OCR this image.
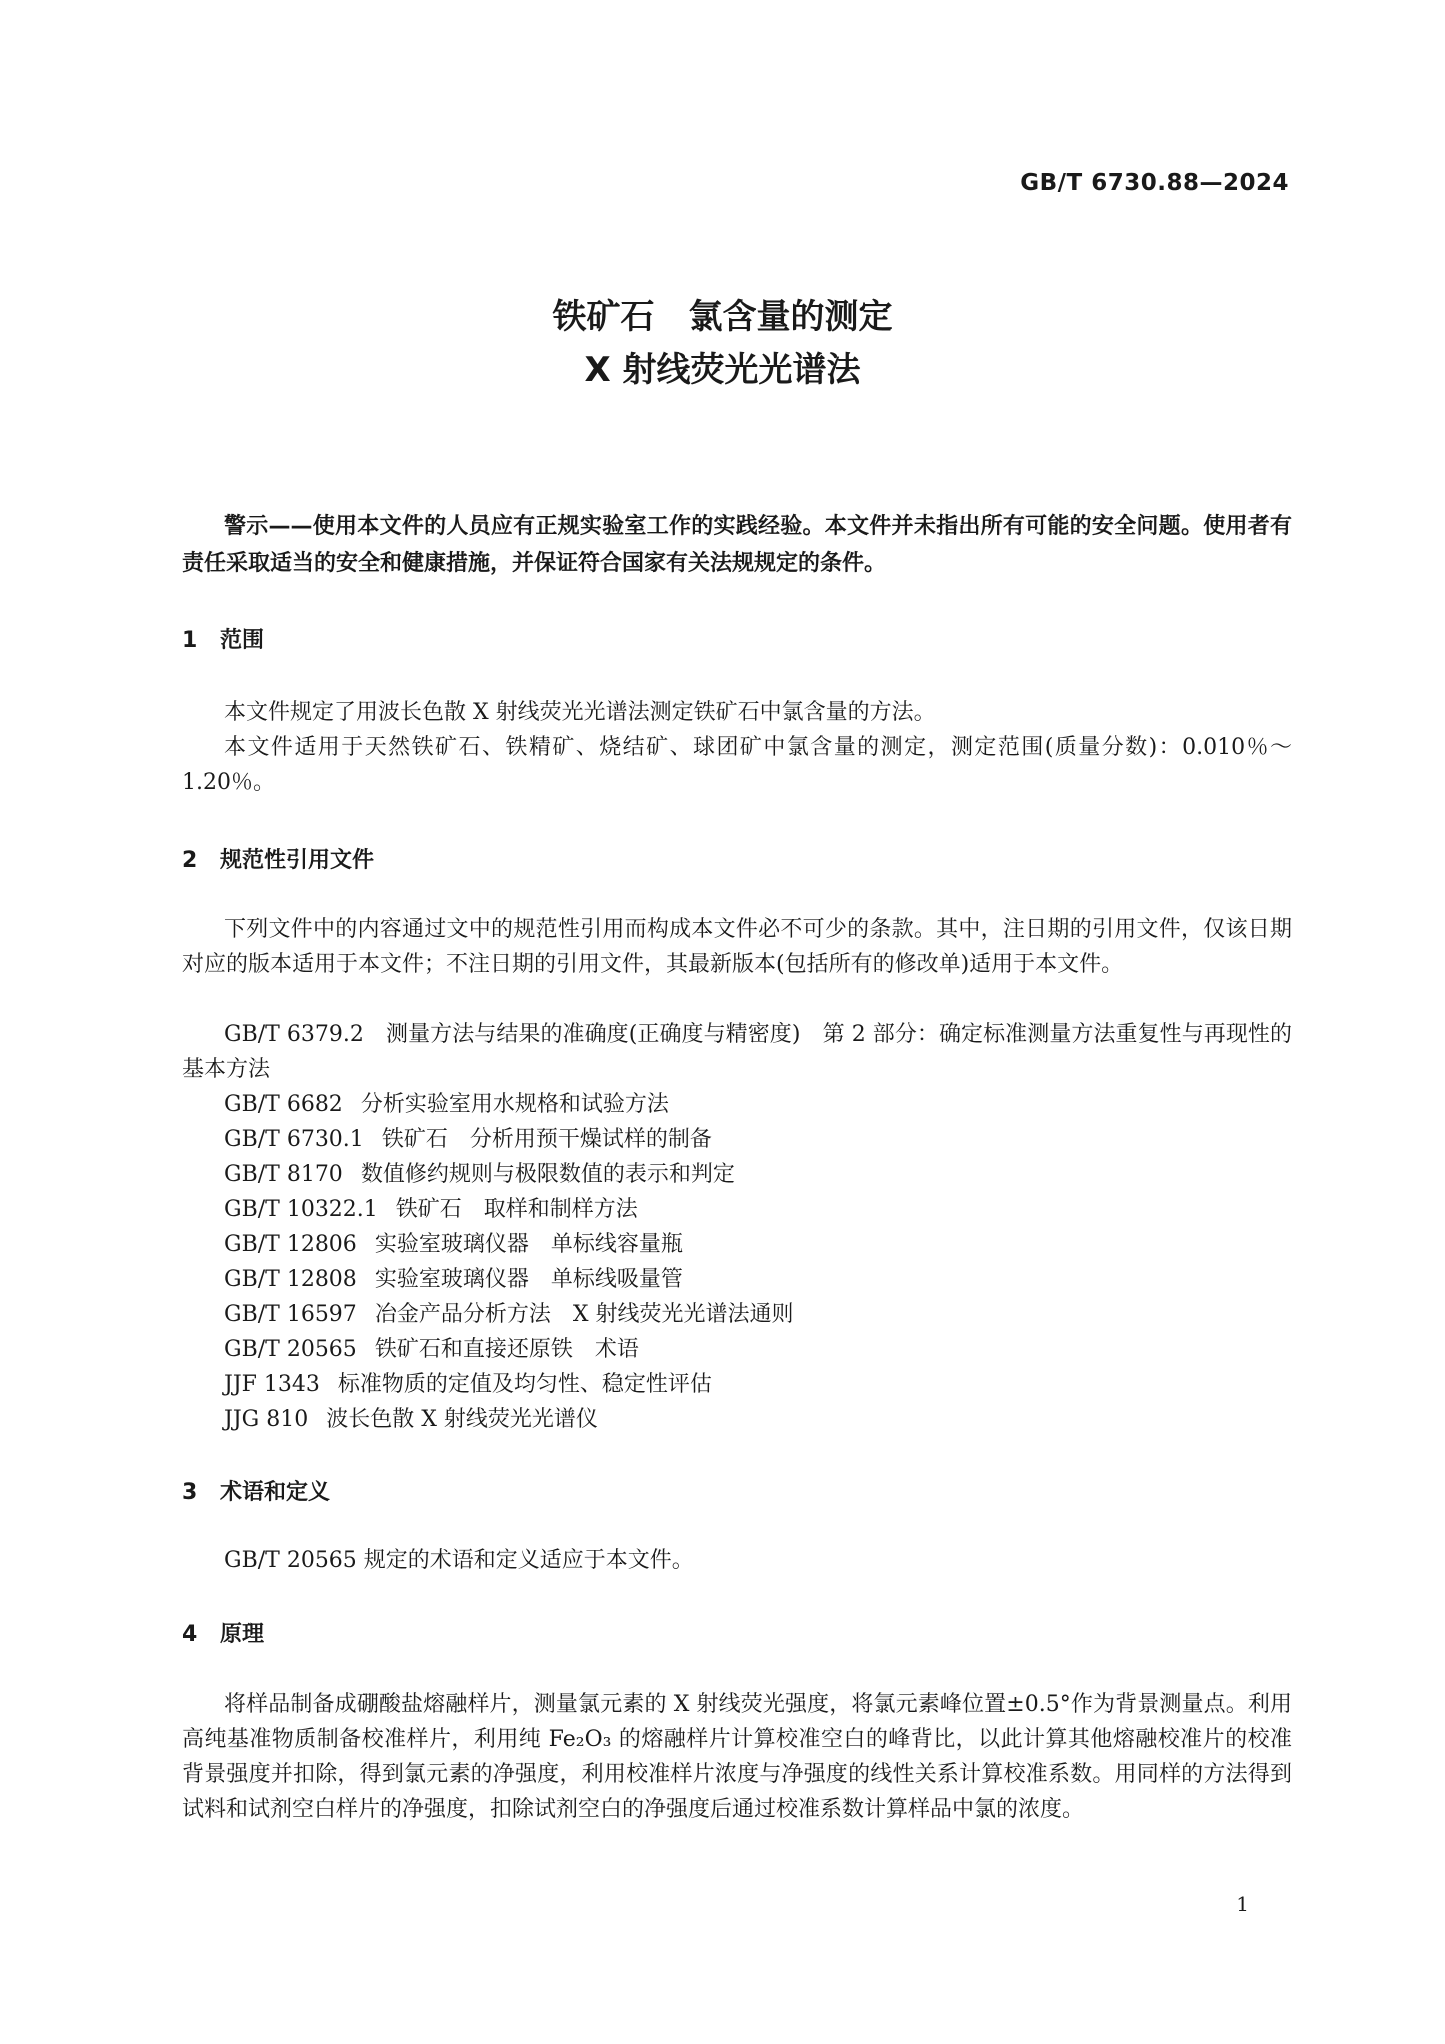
GB/T 6730.88—2024
铁矿石　氯含量的测定
X 射线荧光光谱法
警示——使用本文件的人员应有正规实验室工作的实践经验。本文件并未指出所有可能的安全问题。使用者有责任采取适当的安全和健康措施，并保证符合国家有关法规规定的条件。
1 范围
本文件规定了用波长色散 X 射线荧光光谱法测定铁矿石中氯含量的方法。
本文件适用于天然铁矿石、铁精矿、烧结矿、球团矿中氯含量的测定，测定范围(质量分数)：0.010％～1.20％。
2 规范性引用文件
下列文件中的内容通过文中的规范性引用而构成本文件必不可少的条款。其中，注日期的引用文件，仅该日期对应的版本适用于本文件；不注日期的引用文件，其最新版本(包括所有的修改单)适用于本文件。
GB/T 6379.2　测量方法与结果的准确度(正确度与精密度)　第 2 部分：确定标准测量方法重复性与再现性的基本方法
GB/T 6682 分析实验室用水规格和试验方法
GB/T 6730.1 铁矿石　分析用预干燥试样的制备
GB/T 8170 数值修约规则与极限数值的表示和判定
GB/T 10322.1 铁矿石　取样和制样方法
GB/T 12806 实验室玻璃仪器　单标线容量瓶
GB/T 12808 实验室玻璃仪器　单标线吸量管
GB/T 16597 冶金产品分析方法　X 射线荧光光谱法通则
GB/T 20565 铁矿石和直接还原铁　术语
JJF 1343 标准物质的定值及均匀性、稳定性评估
JJG 810 波长色散 X 射线荧光光谱仪
3 术语和定义
GB/T 20565 规定的术语和定义适应于本文件。
4 原理
将样品制备成硼酸盐熔融样片，测量氯元素的 X 射线荧光强度，将氯元素峰位置±0.5°作为背景测量点。利用高纯基准物质制备校准样片，利用纯 Fe₂O₃ 的熔融样片计算校准空白的峰背比，以此计算其他熔融校准片的校准背景强度并扣除，得到氯元素的净强度，利用校准样片浓度与净强度的线性关系计算校准系数。用同样的方法得到试料和试剂空白样片的净强度，扣除试剂空白的净强度后通过校准系数计算样品中氯的浓度。
1
